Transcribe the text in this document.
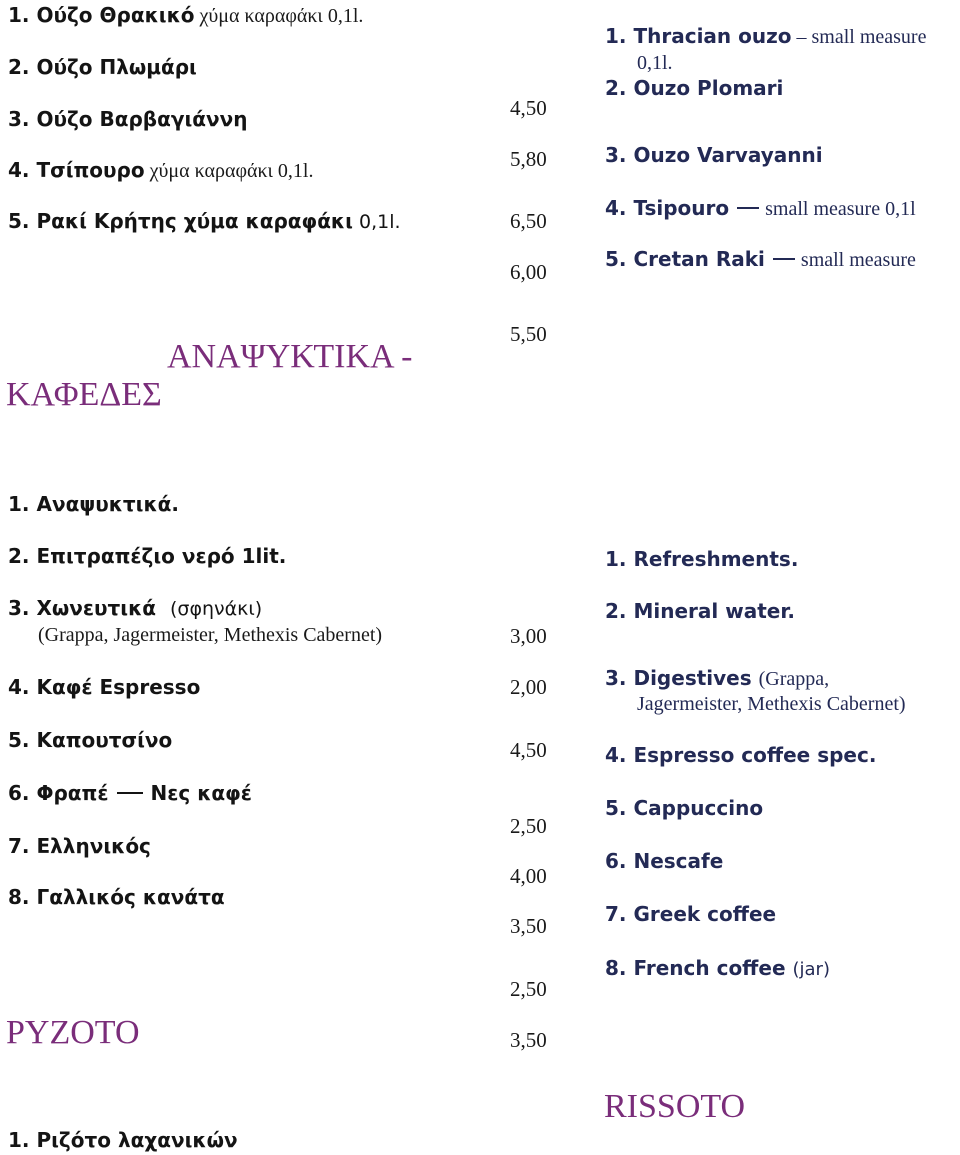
1. Ούζο Θρακικό χύμα καραφάκι 0,1l.
2. Ούζο Πλωμάρι
3. Ούζο Βαρβαγιάννη
4. Τσίπουρο χύμα καραφάκι 0,1l.
5. Ρακί Κρήτης χύμα καραφάκι 0,1l.
4,50
5,80
6,50
6,00
5,50
1. Thracian ouzo – small measure
0,1l.
2. Ouzo Plomari
3. Ouzo Varvayanni
4. Tsipouro small measure 0,1l
5. Cretan Raki small measure
ΑΝΑΨΥΚΤΙΚΑ -
ΚΑΦΕΔΕΣ
1. Αναψυκτικά.
2. Επιτραπέζιο νερό 1lit.
3. Χωνευτικά (σφηνάκι)
(Grappa, Jagermeister, Methexis Cabernet)
4. Καφέ Espresso
5. Καπουτσίνο
6. Φραπέ Νες καφέ
7. Ελληνικός
8. Γαλλικός κανάτα
3,00
2,00
4,50
2,50
4,00
3,50
2,50
3,50
1. Refreshments.
2. Mineral water.
3. Digestives (Grappa,
Jagermeister, Methexis Cabernet)
4. Espresso coffee spec.
5. Cappuccino
6. Nescafe
7. Greek coffee
8. French coffee (jar)
ΡΥΖΟΤΟ
RISSOTO
1. Ριζότο λαχανικών
